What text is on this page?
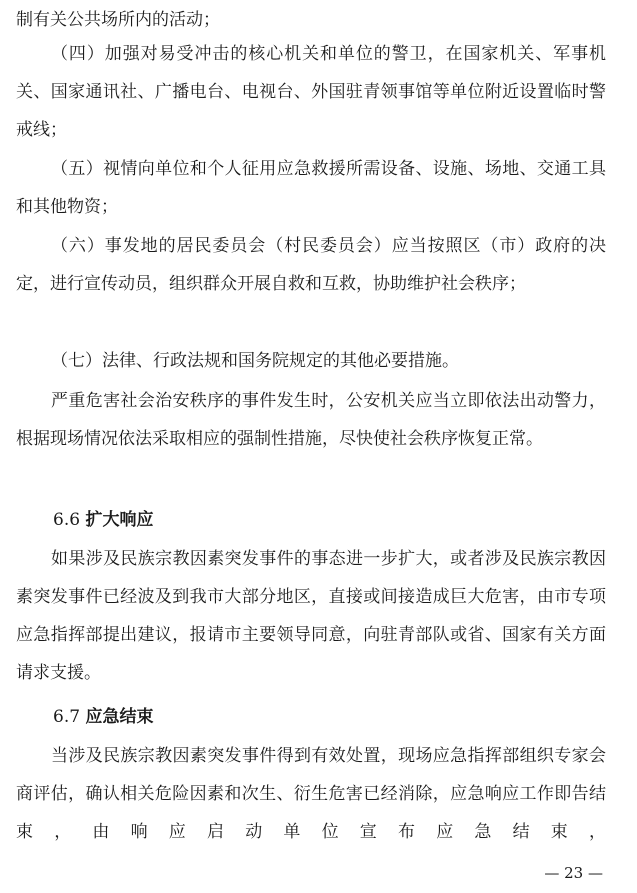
制有关公共场所内的活动；
（四）加强对易受冲击的核心机关和单位的警卫，在国家机关、军事机关、国家通讯社、广播电台、电视台、外国驻青领事馆等单位附近设置临时警戒线；
（五）视情向单位和个人征用应急救援所需设备、设施、场地、交通工具和其他物资；
（六）事发地的居民委员会（村民委员会）应当按照区（市）政府的决定，进行宣传动员，组织群众开展自救和互救，协助维护社会秩序；
（七）法律、行政法规和国务院规定的其他必要措施。
严重危害社会治安秩序的事件发生时，公安机关应当立即依法出动警力，根据现场情况依法采取相应的强制性措施，尽快使社会秩序恢复正常。
6.6 扩大响应
如果涉及民族宗教因素突发事件的事态进一步扩大，或者涉及民族宗教因素突发事件已经波及到我市大部分地区，直接或间接造成巨大危害，由市专项应急指挥部提出建议，报请市主要领导同意，向驻青部队或省、国家有关方面请求支援。
6.7 应急结束
当涉及民族宗教因素突发事件得到有效处置，现场应急指挥部组织专家会商评估，确认相关危险因素和次生、衍生危害已经消除，应急响应工作即告结束，由响应启动单位宣布应急结束，
— 23 —
